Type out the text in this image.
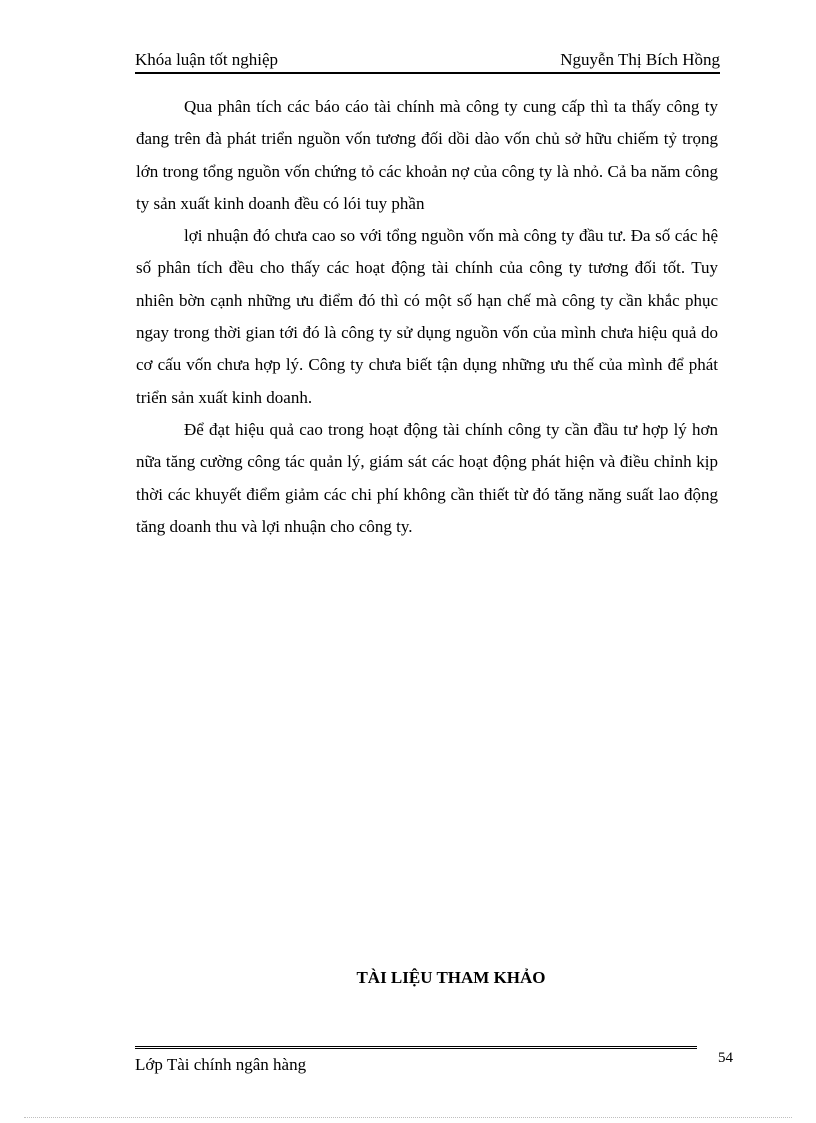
Khóa luận tốt nghiệp	Nguyễn Thị Bích Hồng

Qua phân tích các báo cáo tài chính mà công ty cung cấp thì ta thấy công ty đang trên đà phát triển nguồn vốn tương đối dồi dào vốn chủ sở hữu chiếm tỷ trọng lớn trong tổng nguồn vốn chứng tỏ các khoản nợ của công ty là nhỏ. Cả ba năm công ty sản xuất kinh doanh đều có lói tuy phần

lợi nhuận đó chưa cao so với tổng nguồn vốn mà công ty đầu tư. Đa số các hệ số phân tích đều cho thấy các hoạt động tài chính của công ty tương đối tốt. Tuy nhiên bờn cạnh những ưu điểm đó thì có một số hạn chế mà công ty cần khắc phục ngay trong thời gian tới đó là công ty sử dụng nguồn vốn của mình chưa hiệu quả do cơ cấu vốn chưa hợp lý. Công ty chưa biết tận dụng những ưu thế của mình để phát triển sản xuất kinh doanh.

Để đạt hiệu quả cao trong hoạt động tài chính công ty cần đầu tư hợp lý hơn nữa tăng cường công tác quản lý, giám sát các hoạt động phát hiện và điều chỉnh kịp thời các khuyết điểm giảm các chi phí không cần thiết từ đó tăng năng suất lao động tăng doanh thu và lợi nhuận cho công ty.

TÀI LIỆU THAM KHẢO
Lớp Tài chính ngân hàng	54
